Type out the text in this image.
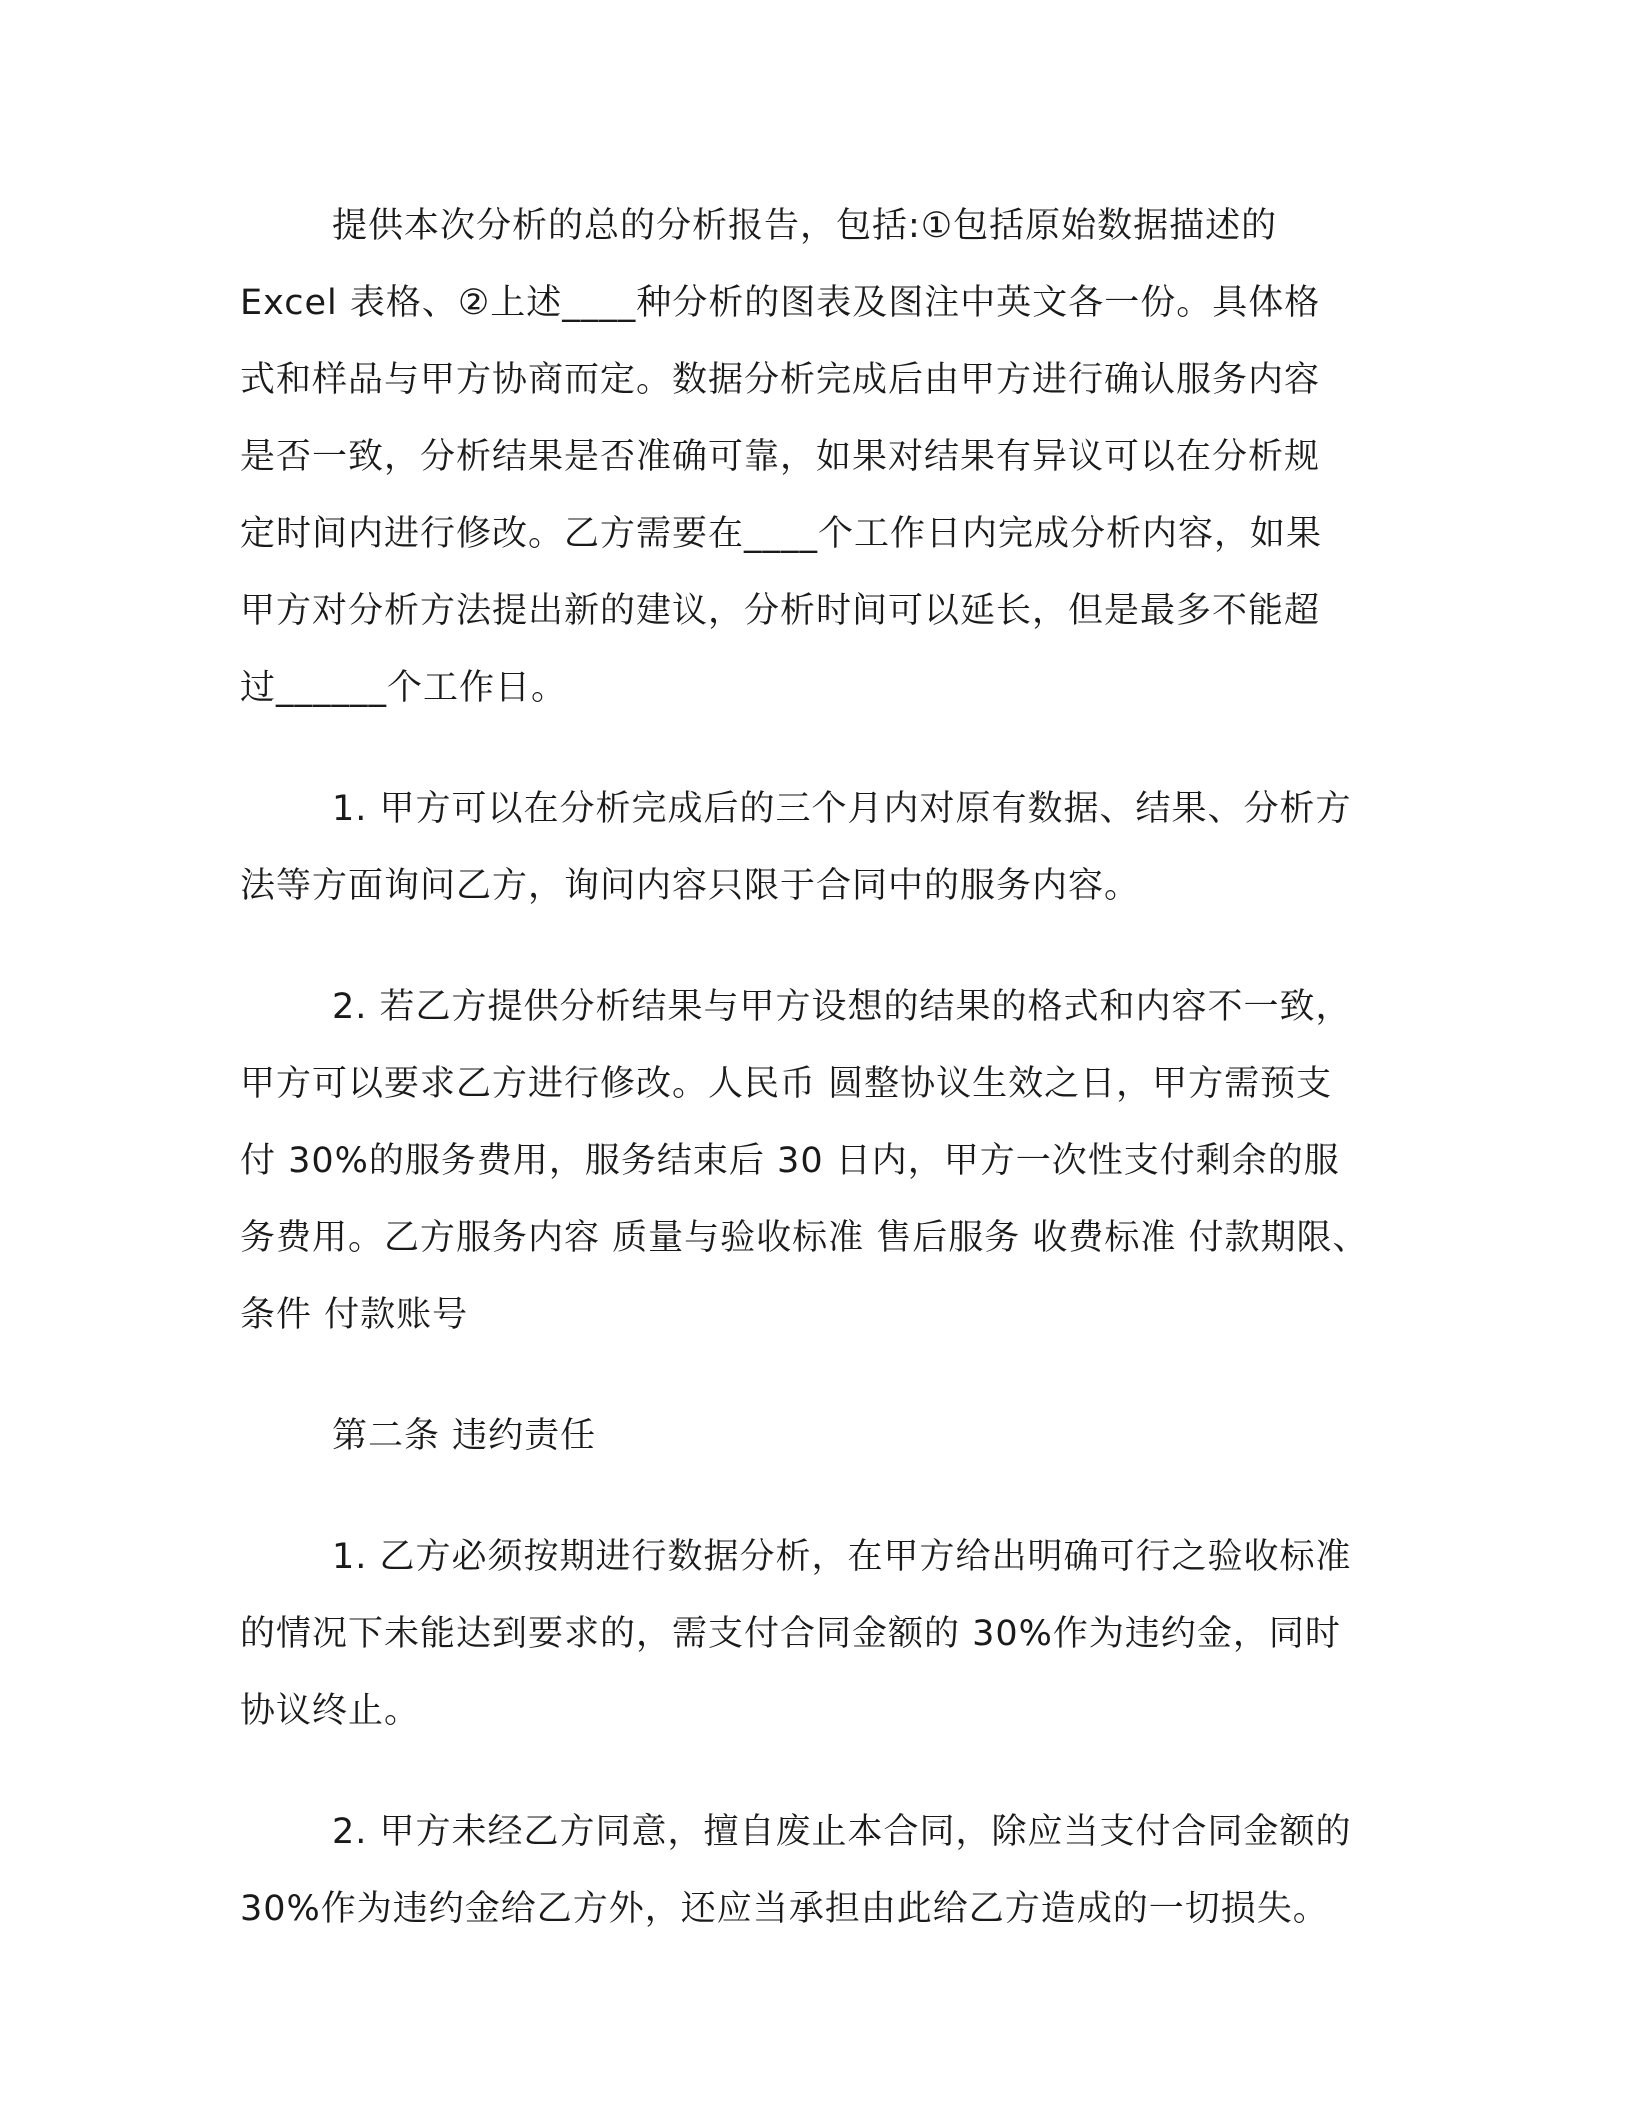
提供本次分析的总的分析报告，包括:①包括原始数据描述的
Excel 表格、②上述____种分析的图表及图注中英文各一份。具体格
式和样品与甲方协商而定。数据分析完成后由甲方进行确认服务内容
是否一致，分析结果是否准确可靠，如果对结果有异议可以在分析规
定时间内进行修改。乙方需要在____个工作日内完成分析内容，如果
甲方对分析方法提出新的建议，分析时间可以延长，但是最多不能超
过______个工作日。

1. 甲方可以在分析完成后的三个月内对原有数据、结果、分析方
法等方面询问乙方，询问内容只限于合同中的服务内容。

2. 若乙方提供分析结果与甲方设想的结果的格式和内容不一致，
甲方可以要求乙方进行修改。人民币 圆整协议生效之日，甲方需预支
付 30%的服务费用，服务结束后 30 日内，甲方一次性支付剩余的服
务费用。乙方服务内容 质量与验收标准 售后服务 收费标准 付款期限、
条件 付款账号

第二条 违约责任

1. 乙方必须按期进行数据分析，在甲方给出明确可行之验收标准
的情况下未能达到要求的，需支付合同金额的 30%作为违约金，同时
协议终止。

2. 甲方未经乙方同意，擅自废止本合同，除应当支付合同金额的
30%作为违约金给乙方外，还应当承担由此给乙方造成的一切损失。
